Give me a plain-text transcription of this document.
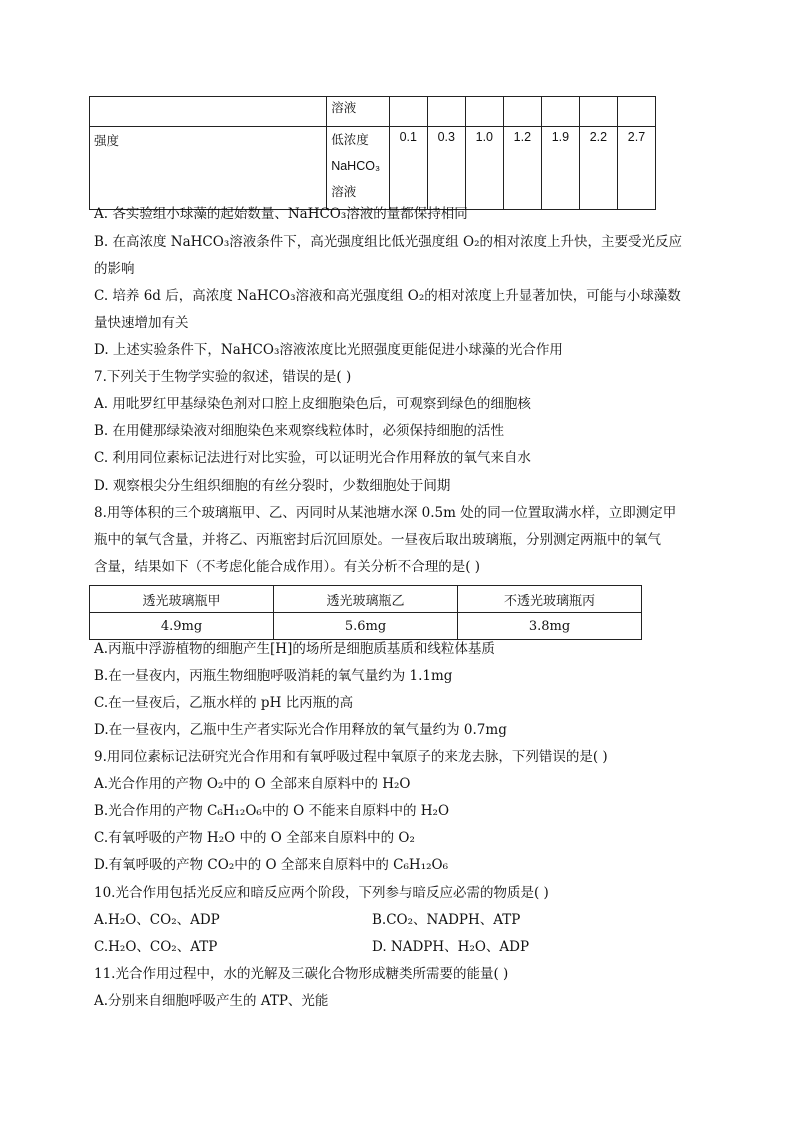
	溶液							
强度	低浓度
NaHCO₃
溶液	0.1	0.3	1.0	1.2	1.9	2.2	2.7
A. 各实验组小球藻的起始数量、NaHCO₃溶液的量都保持相同
B. 在高浓度 NaHCO₃溶液条件下，高光强度组比低光强度组 O₂的相对浓度上升快，主要受光反应
的影响
C. 培养 6d 后，高浓度 NaHCO₃溶液和高光强度组 O₂的相对浓度上升显著加快，可能与小球藻数
量快速增加有关
D. 上述实验条件下，NaHCO₃溶液浓度比光照强度更能促进小球藻的光合作用
7.下列关于生物学实验的叙述，错误的是( )
A. 用吡罗红甲基绿染色剂对口腔上皮细胞染色后，可观察到绿色的细胞核
B. 在用健那绿染液对细胞染色来观察线粒体时，必须保持细胞的活性
C. 利用同位素标记法进行对比实验，可以证明光合作用释放的氧气来自水
D. 观察根尖分生组织细胞的有丝分裂时，少数细胞处于间期
8.用等体积的三个玻璃瓶甲、乙、丙同时从某池塘水深 0.5m 处的同一位置取满水样，立即测定甲
瓶中的氧气含量，并将乙、丙瓶密封后沉回原处。一昼夜后取出玻璃瓶，分别测定两瓶中的氧气
含量，结果如下（不考虑化能合成作用）。有关分析不合理的是( )
透光玻璃瓶甲	透光玻璃瓶乙	不透光玻璃瓶丙
4.9mg	5.6mg	3.8mg
A.丙瓶中浮游植物的细胞产生[H]的场所是细胞质基质和线粒体基质
B.在一昼夜内，丙瓶生物细胞呼吸消耗的氧气量约为 1.1mg
C.在一昼夜后，乙瓶水样的 pH 比丙瓶的高
D.在一昼夜内，乙瓶中生产者实际光合作用释放的氧气量约为 0.7mg
9.用同位素标记法研究光合作用和有氧呼吸过程中氧原子的来龙去脉，下列错误的是( )
A.光合作用的产物 O₂中的 O 全部来自原料中的 H₂O
B.光合作用的产物 C₆H₁₂O₆中的 O 不能来自原料中的 H₂O
C.有氧呼吸的产物 H₂O 中的 O 全部来自原料中的 O₂
D.有氧呼吸的产物 CO₂中的 O 全部来自原料中的 C₆H₁₂O₆
10.光合作用包括光反应和暗反应两个阶段，下列参与暗反应必需的物质是( )
A.H₂O、CO₂、ADP	B.CO₂、NADPH、ATP
C.H₂O、CO₂、ATP	D. NADPH、H₂O、ADP
11.光合作用过程中，水的光解及三碳化合物形成糖类所需要的能量( )
A.分别来自细胞呼吸产生的 ATP、光能
